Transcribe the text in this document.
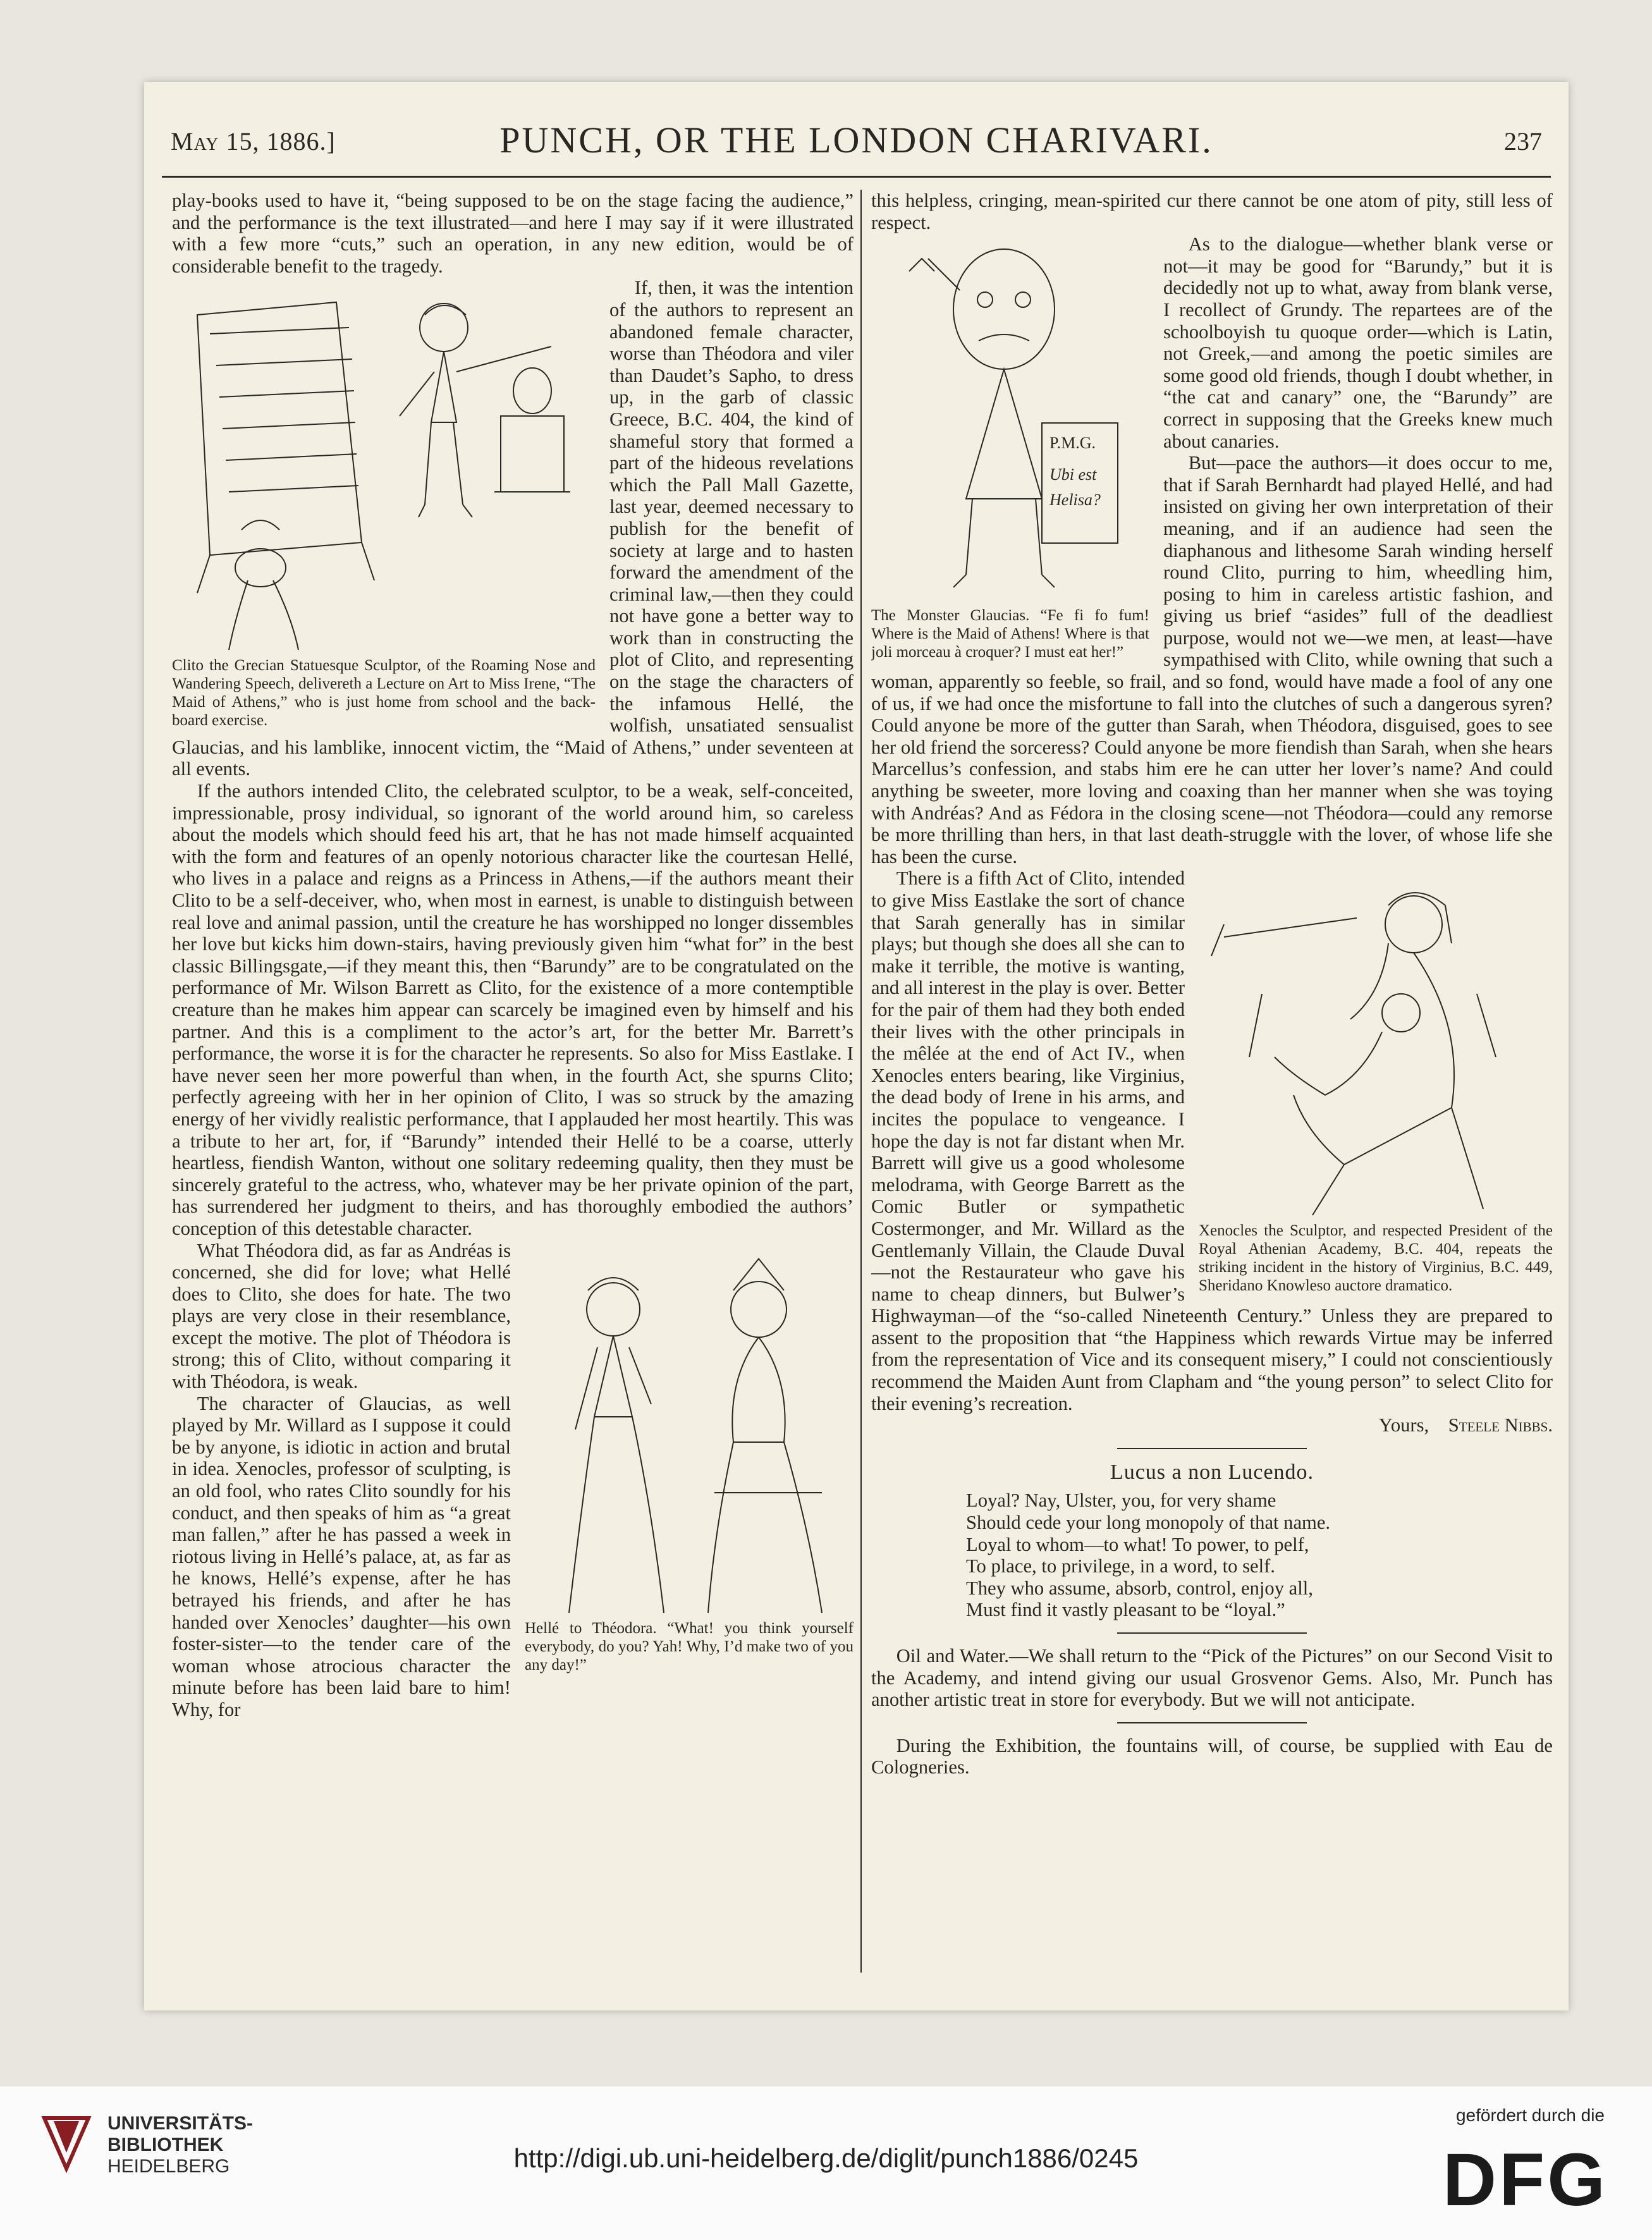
May 15, 1886.]	PUNCH, OR THE LONDON CHARIVARI.	237

play-books used to have it, “being supposed to be on the stage facing the audience,” and the performance is the text illustrated—and here I may say if it were illustrated with a few more “cuts,” such an operation, in any new edition, would be of considerable benefit to the tragedy.

Clito the Grecian Statuesque Sculptor, of the Roaming Nose and Wandering Speech, delivereth a Lecture on Art to Miss Irene, “The Maid of Athens,” who is just home from school and the back-board exercise.

If, then, it was the intention of the authors to represent an abandoned female character, worse than Théodora and viler than Daudet’s Sapho, to dress up, in the garb of classic Greece, B.C. 404, the kind of shameful story that formed a part of the hideous revelations which the Pall Mall Gazette, last year, deemed necessary to publish for the benefit of society at large and to hasten forward the amendment of the criminal law,—then they could not have gone a better way to work than in constructing the plot of Clito, and representing on the stage the characters of the infamous Hellé, the wolfish, unsatiated sensualist Glaucias, and his lamblike, innocent victim, the “Maid of Athens,” under seventeen at all events.

If the authors intended Clito, the celebrated sculptor, to be a weak, self-conceited, impressionable, prosy individual, so ignorant of the world around him, so careless about the models which should feed his art, that he has not made himself acquainted with the form and features of an openly notorious character like the courtesan Hellé, who lives in a palace and reigns as a Princess in Athens,—if the authors meant their Clito to be a self-deceiver, who, when most in earnest, is unable to distinguish between real love and animal passion, until the creature he has worshipped no longer dissembles her love but kicks him down-stairs, having previously given him “what for” in the best classic Billingsgate,—if they meant this, then “Barundy” are to be congratulated on the performance of Mr. Wilson Barrett as Clito, for the existence of a more contemptible creature than he makes him appear can scarcely be imagined even by himself and his partner. And this is a compliment to the actor’s art, for the better Mr. Barrett’s performance, the worse it is for the character he represents. So also for Miss Eastlake. I have never seen her more powerful than when, in the fourth Act, she spurns Clito; perfectly agreeing with her in her opinion of Clito, I was so struck by the amazing energy of her vividly realistic performance, that I applauded her most heartily. This was a tribute to her art, for, if “Barundy” intended their Hellé to be a coarse, utterly heartless, fiendish Wanton, without one solitary redeeming quality, then they must be sincerely grateful to the actress, who, whatever may be her private opinion of the part, has surrendered her judgment to theirs, and has thoroughly embodied the authors’ conception of this detestable character.

Hellé to Théodora. “What! you think yourself everybody, do you? Yah! Why, I’d make two of you any day!”

What Théodora did, as far as Andréas is concerned, she did for love; what Hellé does to Clito, she does for hate. The two plays are very close in their resemblance, except the motive. The plot of Théodora is strong; this of Clito, without comparing it with Théodora, is weak.

The character of Glaucias, as well played by Mr. Willard as I suppose it could be by anyone, is idiotic in action and brutal in idea. Xenocles, professor of sculpting, is an old fool, who rates Clito soundly for his conduct, and then speaks of him as “a great man fallen,” after he has passed a week in riotous living in Hellé’s palace, at, as far as he knows, Hellé’s expense, after he has betrayed his friends, and after he has handed over Xenocles’ daughter—his own foster-sister—to the tender care of the woman whose atrocious character the minute before has been laid bare to him! Why, for

this helpless, cringing, mean-spirited cur there cannot be one atom of pity, still less of respect.

P.M.G.
Ubi est
Helisa?
The Monster Glaucias. “Fe fi fo fum! Where is the Maid of Athens! Where is that joli morceau à croquer? I must eat her!”

As to the dialogue—whether blank verse or not—it may be good for “Barundy,” but it is decidedly not up to what, away from blank verse, I recollect of Grundy. The repartees are of the schoolboyish tu quoque order—which is Latin, not Greek,—and among the poetic similes are some good old friends, though I doubt whether, in “the cat and canary” one, the “Barundy” are correct in supposing that the Greeks knew much about canaries.

But—pace the authors—it does occur to me, that if Sarah Bernhardt had played Hellé, and had insisted on giving her own interpretation of their meaning, and if an audience had seen the diaphanous and lithesome Sarah winding herself round Clito, purring to him, wheedling him, posing to him in careless artistic fashion, and giving us brief “asides” full of the deadliest purpose, would not we—we men, at least—have sympathised with Clito, while owning that such a woman, apparently so feeble, so frail, and so fond, would have made a fool of any one of us, if we had once the misfortune to fall into the clutches of such a dangerous syren? Could anyone be more of the gutter than Sarah, when Théodora, disguised, goes to see her old friend the sorceress? Could anyone be more fiendish than Sarah, when she hears Marcellus’s confession, and stabs him ere he can utter her lover’s name? And could anything be sweeter, more loving and coaxing than her manner when she was toying with Andréas? And as Fédora in the closing scene—not Théodora—could any remorse be more thrilling than hers, in that last death-struggle with the lover, of whose life she has been the curse.

Xenocles the Sculptor, and respected President of the Royal Athenian Academy, B.C. 404, repeats the striking incident in the history of Virginius, B.C. 449, Sheridano Knowleso auctore dramatico.

There is a fifth Act of Clito, intended to give Miss Eastlake the sort of chance that Sarah generally has in similar plays; but though she does all she can to make it terrible, the motive is wanting, and all interest in the play is over. Better for the pair of them had they both ended their lives with the other principals in the mêlée at the end of Act IV., when Xenocles enters bearing, like Virginius, the dead body of Irene in his arms, and incites the populace to vengeance. I hope the day is not far distant when Mr. Barrett will give us a good wholesome melodrama, with George Barrett as the Comic Butler or sympathetic Costermonger, and Mr. Willard as the Gentlemanly Villain, the Claude Duval—not the Restaurateur who gave his name to cheap dinners, but Bulwer’s Highwayman—of the “so-called Nineteenth Century.” Unless they are prepared to assent to the proposition that “the Happiness which rewards Virtue may be inferred from the representation of Vice and its consequent misery,” I could not conscientiously recommend the Maiden Aunt from Clapham and “the young person” to select Clito for their evening’s recreation.

Yours, Steele Nibbs.

Lucus a non Lucendo.

Loyal? Nay, Ulster, you, for very shame

Should cede your long monopoly of that name.

Loyal to whom—to what! To power, to pelf,

To place, to privilege, in a word, to self.

They who assume, absorb, control, enjoy all,

Must find it vastly pleasant to be “loyal.”

Oil and Water.—We shall return to the “Pick of the Pictures” on our Second Visit to the Academy, and intend giving our usual Grosvenor Gems. Also, Mr. Punch has another artistic treat in store for everybody. But we will not anticipate.

During the Exhibition, the fountains will, of course, be supplied with Eau de Cologneries.

UNIVERSITÄTS-
BIBLIOTHEK
HEIDELBERG	http://digi.ub.uni-heidelberg.de/diglit/punch1886/0245
gefördert durch die
DFG
